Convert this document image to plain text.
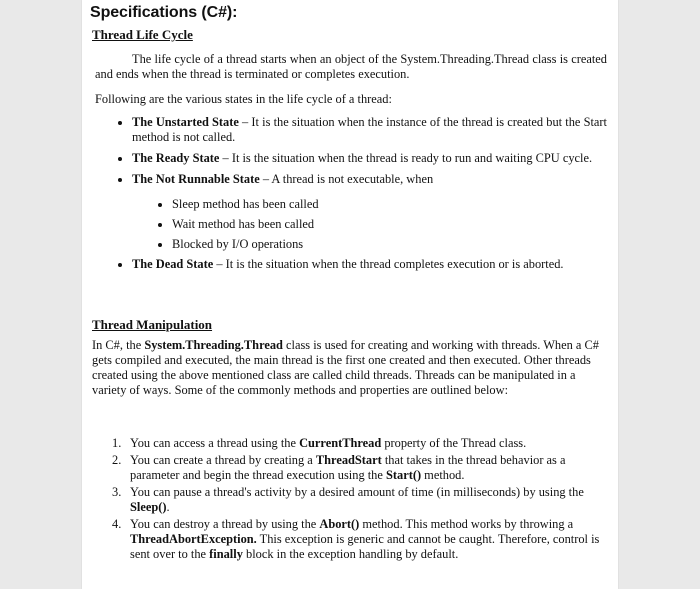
Specifications (C#):
Thread Life Cycle

The life cycle of a thread starts when an object of the System.Threading.Thread class is created and ends when the thread is terminated or completes execution.

Following are the various states in the life cycle of a thread:

The Unstarted State – It is the situation when the instance of the thread is created but the Start method is not called.
The Ready State – It is the situation when the thread is ready to run and waiting CPU cycle.
The Not Runnable State – A thread is not executable, when
Sleep method has been called
Wait method has been called
Blocked by I/O operations
The Dead State – It is the situation when the thread completes execution or is aborted.
Thread Manipulation

In C#, the System.Threading.Thread class is used for creating and working with threads. When a C# gets compiled and executed, the main thread is the first one created and then executed. Other threads created using the above mentioned class are called child threads. Threads can be manipulated in a variety of ways. Some of the commonly methods and properties are outlined below:

1. You can access a thread using the CurrentThread property of the Thread class.
2. You can create a thread by creating a ThreadStart that takes in the thread behavior as a parameter and begin the thread execution using the Start() method.
3. You can pause a thread's activity by a desired amount of time (in milliseconds) by using the Sleep().
4. You can destroy a thread by using the Abort() method. This method works by throwing a ThreadAbortException. This exception is generic and cannot be caught. Therefore, control is sent over to the finally block in the exception handling by default.
